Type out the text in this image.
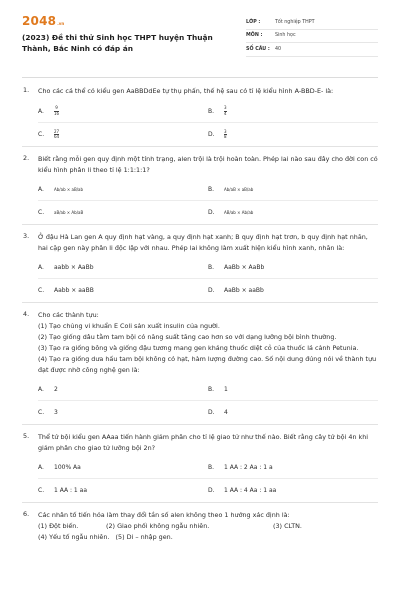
2048 .vn
(2023) Đề thi thử Sinh học THPT huyện Thuận Thành, Bắc Ninh có đáp án
LỚP :	Tốt nghiệp THPT
MÔN :	Sinh học
SỐ CÂU :	40
1.	Cho các cá thể có kiểu gen AaBBDdEe tự thụ phấn, thế hệ sau có tỉ lệ kiểu hình A-BBD-E- là:
A.	$\frac{9}{16}$	B.	$\frac{3}{4}$
C.	$\frac{27}{64}$	D.	$\frac{3}{8}$
2.	Biết rằng mỗi gen quy định một tính trạng, alen trội là trội hoàn toàn. Phép lai nào sau đây cho đời con có kiểu hình phân li theo tỉ lệ 1:1:1:1?
A.	Ab/ab × aB/ab	B.	Ab/aB × aB/ab
C.	aB/ab × Ab/aB	D.	AB/ab × Ab/ab
3.	Ở đậu Hà Lan gen A quy định hạt vàng, a quy định hạt xanh; B quy định hạt trơn, b quy định hạt nhăn, hai cặp gen này phân li độc lập với nhau. Phép lai không làm xuất hiện kiểu hình xanh, nhăn là:
A.	aabb × AaBb	B.	AaBb × AaBb
C.	Aabb × aaBB	D.	AaBb × aaBb
4.	Cho các thành tựu:

(1) Tạo chủng vi khuẩn E Coli sản xuất insulin của người.

(2) Tạo giống dâu tằm tam bội có năng suất tăng cao hơn so với dạng lưỡng bội bình thường.

(3) Tạo ra giống bông và giống đậu tương mang gen kháng thuốc diệt cỏ của thuốc lá cảnh Petunia.

(4) Tạo ra giống dưa hấu tam bội không có hạt, hàm lượng đường cao. Số nội dung đúng nói về thành tựu đạt được nhờ công nghệ gen là:

A.	2	B.	1
C.	3	D.	4
5.	Thể tứ bội kiểu gen AAaa tiến hành giảm phân cho tỉ lệ giao tử như thế nào. Biết rằng cây tứ bội 4n khi giảm phân cho giao tử lưỡng bội 2n?
A.	100% Aa	B.	1 AA : 2 Aa : 1 a
C.	1 AA : 1 aa	D.	1 AA : 4 Aa : 1 aa
6.	Các nhân tố tiến hóa làm thay đổi tần số alen không theo 1 hướng xác định là:

(1) Đột biến.	(2) Giao phối không ngẫu nhiên.	(3) CLTN.

(4) Yếu tố ngẫu nhiên.   (5) Di – nhập gen.
